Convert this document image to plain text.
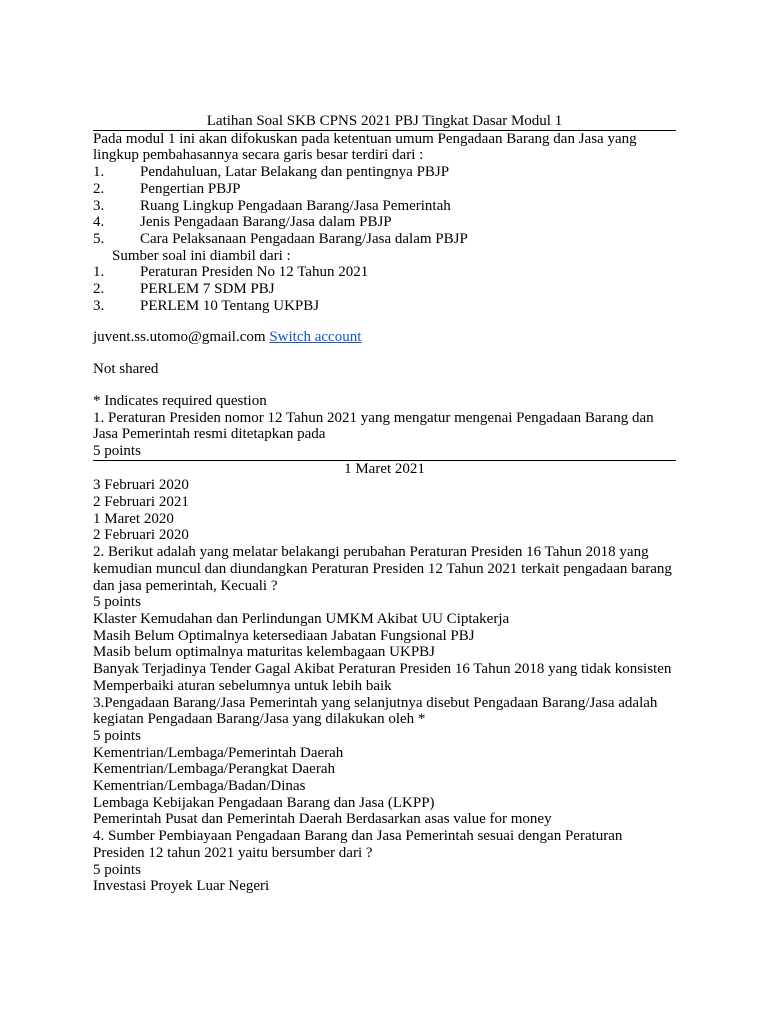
Latihan Soal SKB CPNS 2021 PBJ Tingkat Dasar Modul 1
Pada modul 1 ini akan difokuskan pada ketentuan umum Pengadaan Barang dan Jasa yang lingkup pembahasannya secara garis besar terdiri dari :
1.	Pendahuluan, Latar Belakang dan pentingnya PBJP
2.	Pengertian PBJP
3.	Ruang Lingkup Pengadaan Barang/Jasa Pemerintah
4.	Jenis Pengadaan Barang/Jasa dalam PBJP
5.	Cara Pelaksanaan Pengadaan Barang/Jasa dalam PBJP
Sumber soal ini diambil dari :
1.	Peraturan Presiden No 12 Tahun 2021
2.	PERLEM 7 SDM PBJ
3.	PERLEM 10 Tentang UKPBJ
juvent.ss.utomo@gmail.com Switch account
Not shared
* Indicates required question
1. Peraturan Presiden nomor 12 Tahun 2021 yang mengatur mengenai Pengadaan Barang dan Jasa Pemerintah resmi ditetapkan pada
5 points
1 Maret 2021
3 Februari 2020
2 Februari 2021
1 Maret 2020
2 Februari 2020
2. Berikut adalah yang melatar belakangi perubahan Peraturan Presiden 16 Tahun 2018 yang kemudian muncul dan diundangkan Peraturan Presiden 12 Tahun 2021 terkait pengadaan barang dan jasa pemerintah, Kecuali ?
5 points
Klaster Kemudahan dan Perlindungan UMKM Akibat UU Ciptakerja
Masih Belum Optimalnya ketersediaan Jabatan Fungsional PBJ
Masib belum optimalnya maturitas kelembagaan UKPBJ
Banyak Terjadinya Tender Gagal Akibat Peraturan Presiden 16 Tahun 2018 yang tidak konsisten
Memperbaiki aturan sebelumnya untuk lebih baik
3.Pengadaan Barang/Jasa Pemerintah yang selanjutnya disebut Pengadaan Barang/Jasa adalah kegiatan Pengadaan Barang/Jasa yang dilakukan oleh *
5 points
Kementrian/Lembaga/Pemerintah Daerah
Kementrian/Lembaga/Perangkat Daerah
Kementrian/Lembaga/Badan/Dinas
Lembaga Kebijakan Pengadaan Barang dan Jasa (LKPP)
Pemerintah Pusat dan Pemerintah Daerah Berdasarkan asas value for money
4. Sumber Pembiayaan Pengadaan Barang dan Jasa Pemerintah sesuai dengan Peraturan Presiden 12 tahun 2021 yaitu bersumber dari ?
5 points
Investasi Proyek Luar Negeri
